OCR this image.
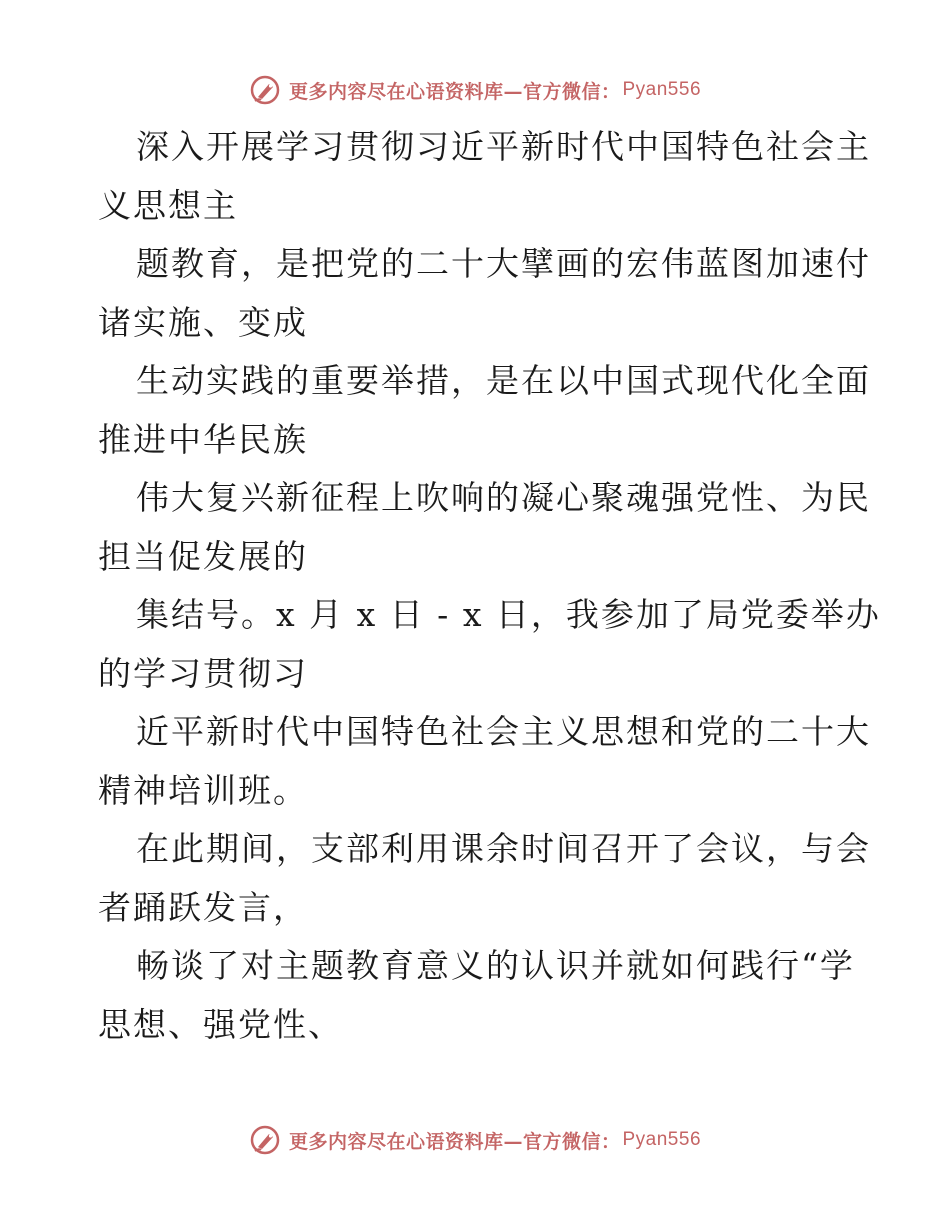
更多内容尽在心语资料库—官方微信： Pyan556
深入开展学习贯彻习近平新时代中国特色社会主
义思想主
题教育，是把党的二十大擘画的宏伟蓝图加速付
诸实施、变成
生动实践的重要举措，是在以中国式现代化全面
推进中华民族
伟大复兴新征程上吹响的凝心聚魂强党性、为民
担当促发展的
集结号。x 月 x 日 - x 日，我参加了局党委举办
的学习贯彻习
近平新时代中国特色社会主义思想和党的二十大
精神培训班。
在此期间，支部利用课余时间召开了会议，与会
者踊跃发言，
畅谈了对主题教育意义的认识并就如何践行“学
思想、强党性、
更多内容尽在心语资料库—官方微信： Pyan556
